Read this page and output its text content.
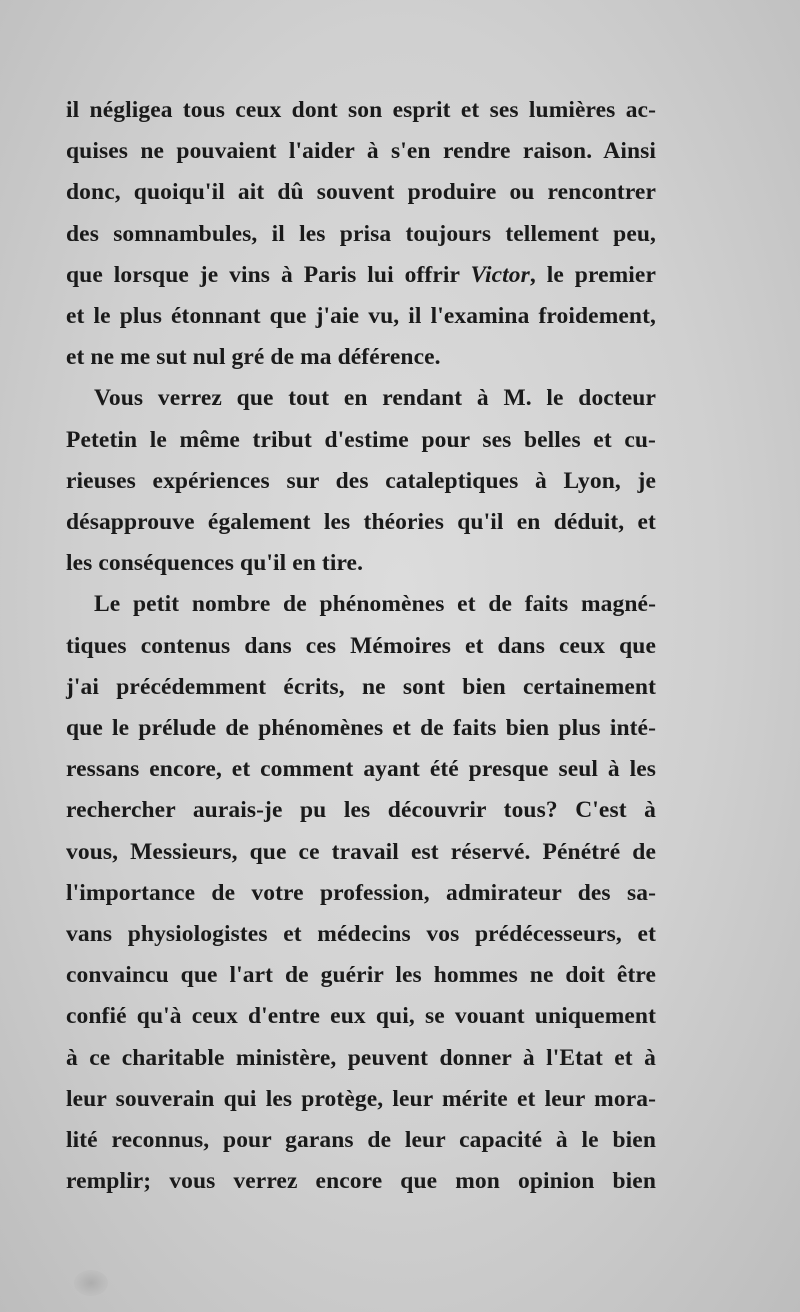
il négligea tous ceux dont son esprit et ses lumières ac-
quises ne pouvaient l'aider à s'en rendre raison. Ainsi
donc, quoiqu'il ait dû souvent produire ou rencontrer
des somnambules, il les prisa toujours tellement peu,
que lorsque je vins à Paris lui offrir Victor, le premier
et le plus étonnant que j'aie vu, il l'examina froidement,
et ne me sut nul gré de ma déférence.
Vous verrez que tout en rendant à M. le docteur
Petetin le même tribut d'estime pour ses belles et cu-
rieuses expériences sur des cataleptiques à Lyon, je
désapprouve également les théories qu'il en déduit, et
les conséquences qu'il en tire.
Le petit nombre de phénomènes et de faits magné-
tiques contenus dans ces Mémoires et dans ceux que
j'ai précédemment écrits, ne sont bien certainement
que le prélude de phénomènes et de faits bien plus inté-
ressans encore, et comment ayant été presque seul à les
rechercher aurais-je pu les découvrir tous? C'est à
vous, Messieurs, que ce travail est réservé. Pénétré de
l'importance de votre profession, admirateur des sa-
vans physiologistes et médecins vos prédécesseurs, et
convaincu que l'art de guérir les hommes ne doit être
confié qu'à ceux d'entre eux qui, se vouant uniquement
à ce charitable ministère, peuvent donner à l'Etat et à
leur souverain qui les protège, leur mérite et leur mora-
lité reconnus, pour garans de leur capacité à le bien
remplir; vous verrez encore que mon opinion bien
